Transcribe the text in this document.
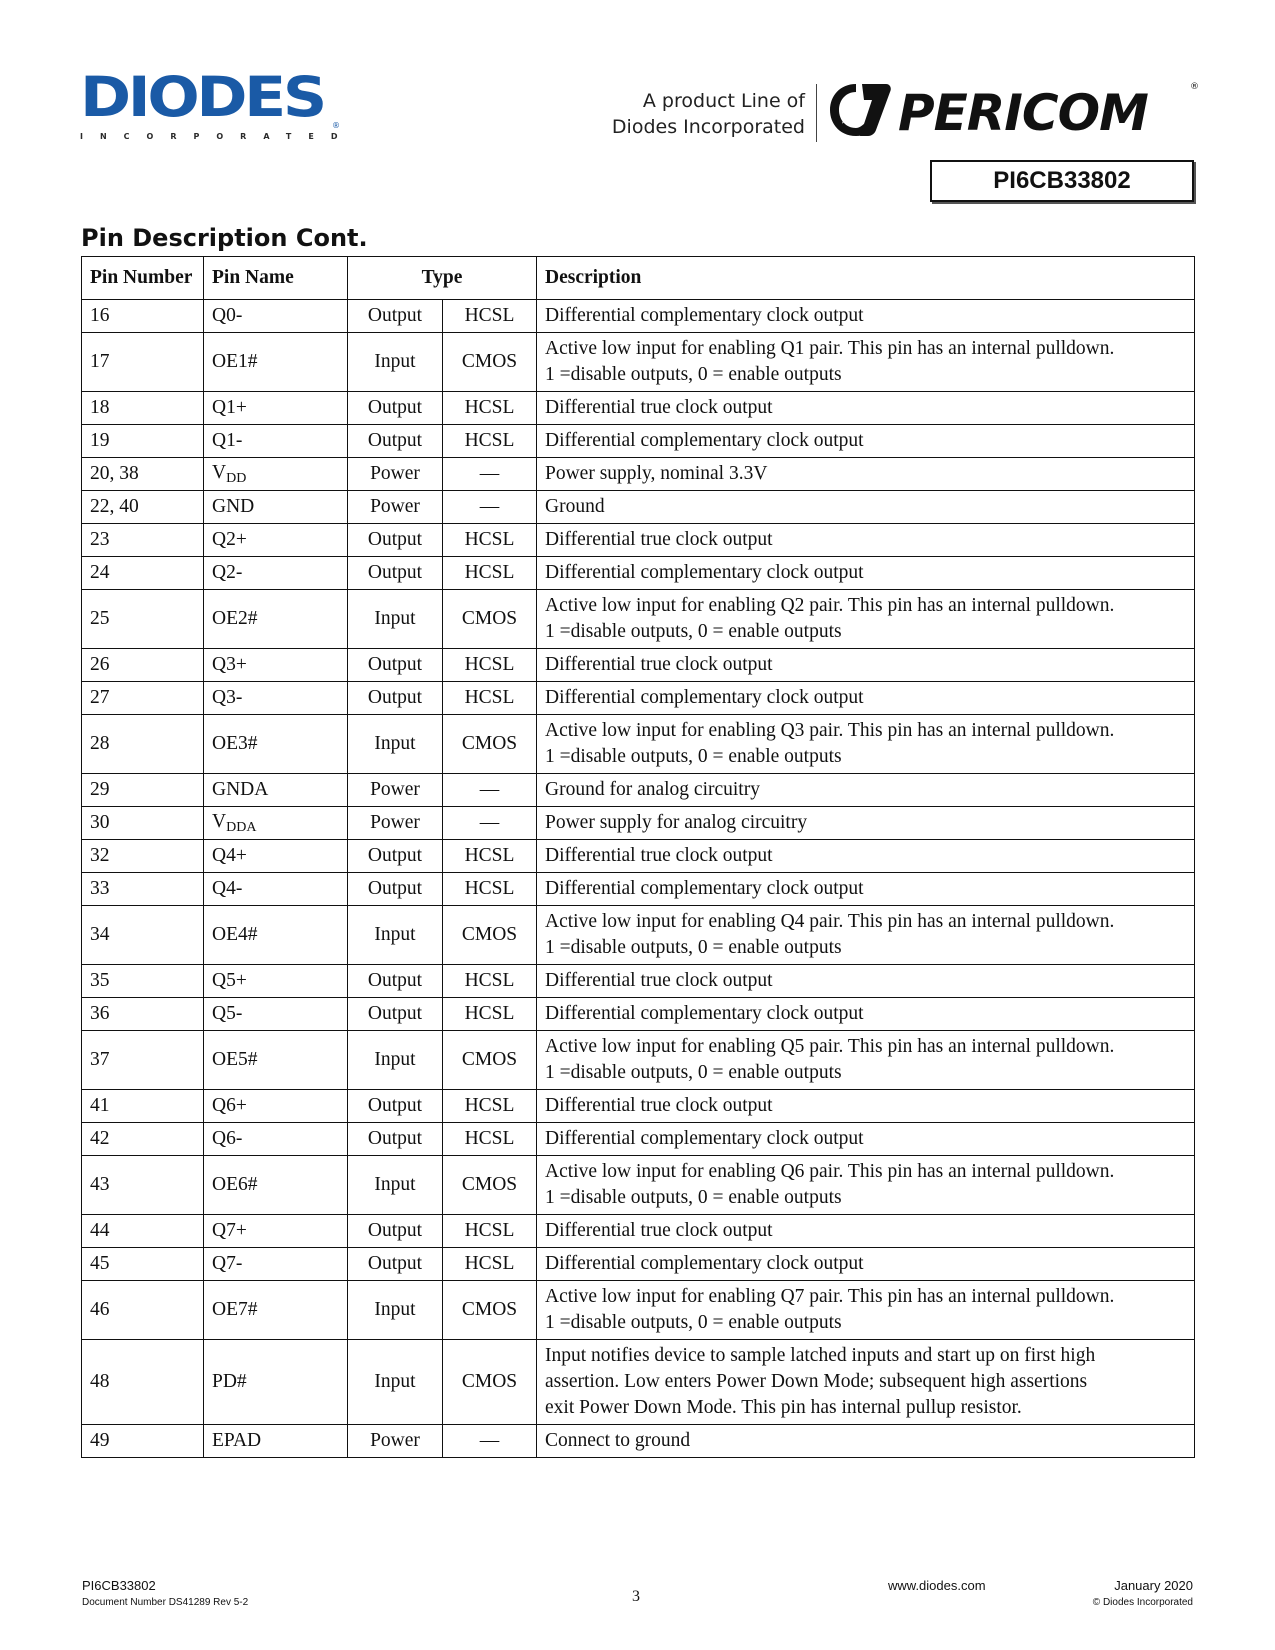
DIODES	®
INCORPORATED
A product Line of
Diodes Incorporated PERICOM	®
PI6CB33802
Pin Description Cont.
Pin Number	Pin Name	Type		Description
16	Q0-	Output	HCSL	Differential complementary clock output

17	OE1#	Input	CMOS	Active low input for enabling Q1 pair. This pin has an internal pulldown.
1 =disable outputs, 0 = enable outputs

18	Q1+	Output	HCSL	Differential true clock output

19	Q1-	Output	HCSL	Differential complementary clock output

20, 38	$V_{DD}$	Power	—	Power supply, nominal 3.3V

22, 40	GND	Power	—	Ground

23	Q2+	Output	HCSL	Differential true clock output

24	Q2-	Output	HCSL	Differential complementary clock output

25	OE2#	Input	CMOS	Active low input for enabling Q2 pair. This pin has an internal pulldown.
1 =disable outputs, 0 = enable outputs

26	Q3+	Output	HCSL	Differential true clock output

27	Q3-	Output	HCSL	Differential complementary clock output

28	OE3#	Input	CMOS	Active low input for enabling Q3 pair. This pin has an internal pulldown.
1 =disable outputs, 0 = enable outputs

29	GNDA	Power	—	Ground for analog circuitry

30	$V_{DDA}$	Power	—	Power supply for analog circuitry

32	Q4+	Output	HCSL	Differential true clock output

33	Q4-	Output	HCSL	Differential complementary clock output

34	OE4#	Input	CMOS	Active low input for enabling Q4 pair. This pin has an internal pulldown.
1 =disable outputs, 0 = enable outputs

35	Q5+	Output	HCSL	Differential true clock output

36	Q5-	Output	HCSL	Differential complementary clock output

37	OE5#	Input	CMOS	Active low input for enabling Q5 pair. This pin has an internal pulldown.
1 =disable outputs, 0 = enable outputs

41	Q6+	Output	HCSL	Differential true clock output

42	Q6-	Output	HCSL	Differential complementary clock output

43	OE6#	Input	CMOS	Active low input for enabling Q6 pair. This pin has an internal pulldown.
1 =disable outputs, 0 = enable outputs

44	Q7+	Output	HCSL	Differential true clock output

45	Q7-	Output	HCSL	Differential complementary clock output

46	OE7#	Input	CMOS	Active low input for enabling Q7 pair. This pin has an internal pulldown.
1 =disable outputs, 0 = enable outputs

48	PD#	Input	CMOS	Input notifies device to sample latched inputs and start up on first high
assertion. Low enters Power Down Mode; subsequent high assertions
exit Power Down Mode. This pin has internal pullup resistor.

49	EPAD	Power	—	Connect to ground
PI6CB33802
Document Number DS41289 Rev 5-2	3
www.diodes.com	January 2020
© Diodes Incorporated
